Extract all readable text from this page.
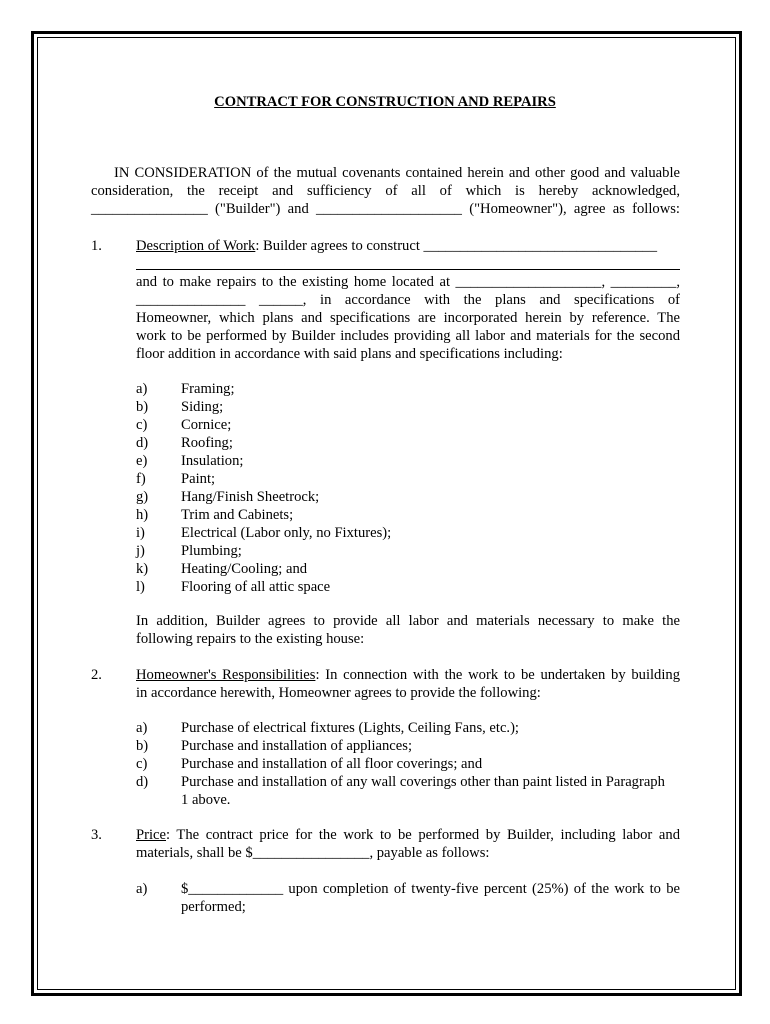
CONTRACT FOR CONSTRUCTION AND REPAIRS
IN CONSIDERATION of the mutual covenants contained herein and other good and valuable
consideration, the receipt and sufficiency of all of which is hereby acknowledged,
________________ ("Builder") and ____________________ ("Homeowner"), agree as follows:
1. Description of Work: Builder agrees to construct ________________________________
and to make repairs to the existing home located at ____________________, _________,
_______________ ______, in accordance with the plans and specifications of
Homeowner, which plans and specifications are incorporated herein by reference. The
work to be performed by Builder includes providing all labor and materials for the second
floor addition in accordance with said plans and specifications including:
a)	Framing;
b)	Siding;
c)	Cornice;
d)	Roofing;
e)	Insulation;
f)	Paint;
g)	Hang/Finish Sheetrock;
h)	Trim and Cabinets;
i)	Electrical (Labor only, no Fixtures);
j)	Plumbing;
k)	Heating/Cooling; and
l)	Flooring of all attic space
In addition, Builder agrees to provide all labor and materials necessary to make the
following repairs to the existing house:
2. Homeowner's Responsibilities: In connection with the work to be undertaken by building
in accordance herewith, Homeowner agrees to provide the following:
a)	Purchase of electrical fixtures (Lights, Ceiling Fans, etc.);
b)	Purchase and installation of appliances;
c)	Purchase and installation of all floor coverings; and
d)	Purchase and installation of any wall coverings other than paint listed in Paragraph
1 above.
3. Price: The contract price for the work to be performed by Builder, including labor and
materials, shall be $________________, payable as follows:
a)	$_____________ upon completion of twenty-five percent (25%) of the work to be
performed;
